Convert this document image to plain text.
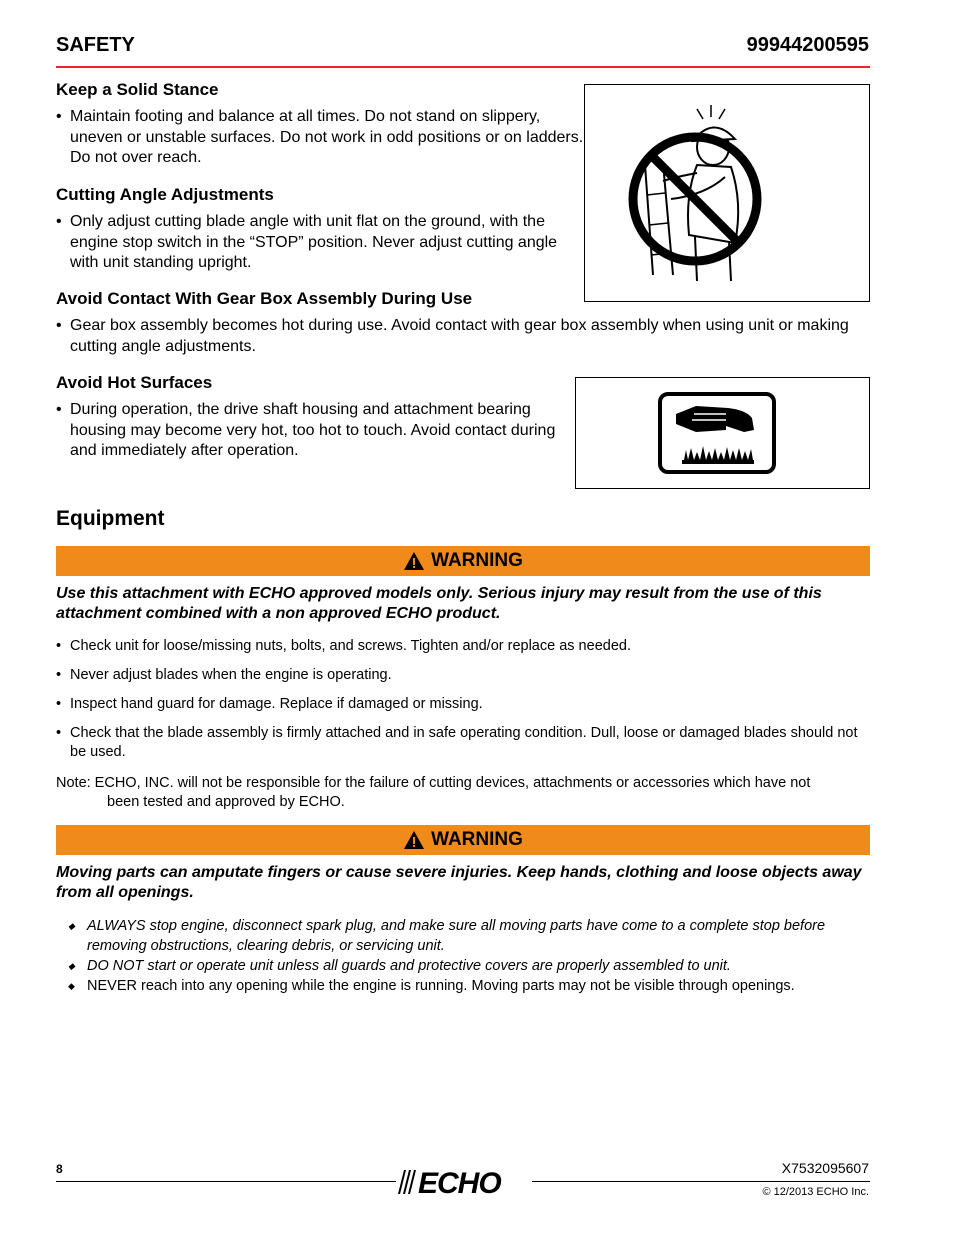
SAFETY	99944200595
Keep a Solid Stance
• Maintain footing and balance at all times. Do not stand on slippery, uneven or unstable surfaces. Do not work in odd positions or on ladders. Do not over reach.
Cutting Angle Adjustments
• Only adjust cutting blade angle with unit flat on the ground, with the engine stop switch in the “STOP” position. Never adjust cutting angle with unit standing upright.
Avoid Contact With Gear Box Assembly During Use
• Gear box assembly becomes hot during use. Avoid contact with gear box assembly when using unit or making cutting angle adjustments.
Avoid Hot Surfaces
• During operation, the drive shaft housing and attachment bearing housing may become very hot, too hot to touch. Avoid contact during and immediately after operation.
Equipment
WARNING
Use this attachment with ECHO approved models only. Serious injury may result from the use of this attachment combined with a non approved ECHO product.
• Check unit for loose/missing nuts, bolts, and screws. Tighten and/or replace as needed.
• Never adjust blades when the engine is operating.
• Inspect hand guard for damage. Replace if damaged or missing.
• Check that the blade assembly is firmly attached and in safe operating condition. Dull, loose or damaged blades should not be used.
Note: ECHO, INC. will not be responsible for the failure of cutting devices, attachments or accessories which have not
been tested and approved by ECHO.
WARNING
Moving parts can amputate fingers or cause severe injuries. Keep hands, clothing and loose objects away from all openings.
◆ ALWAYS stop engine, disconnect spark plug, and make sure all moving parts have come to a complete stop before removing obstructions, clearing debris, or servicing unit.
◆ DO NOT start or operate unit unless all guards and protective covers are properly assembled to unit.
◆ NEVER reach into any opening while the engine is running. Moving parts may not be visible through openings.
8	ECHO	X7532095607
© 12/2013 ECHO Inc.
